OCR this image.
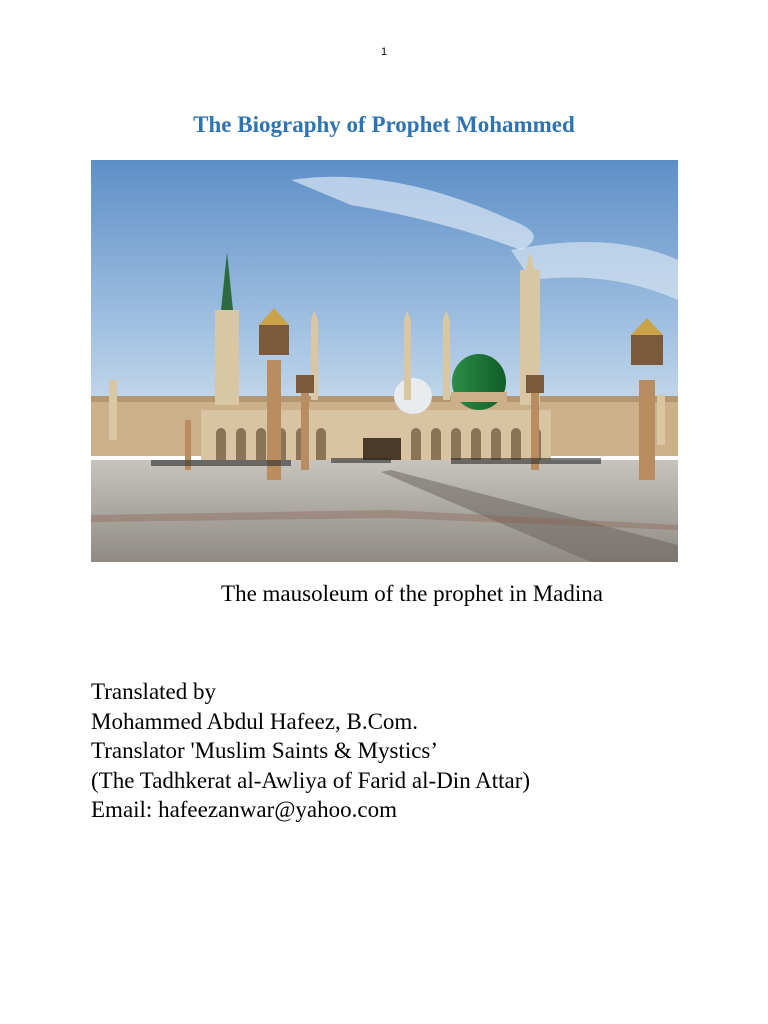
1
The Biography of Prophet Mohammed
The mausoleum of the prophet in Madina
Translated by
Mohammed Abdul Hafeez, B.Com.
Translator 'Muslim Saints & Mystics’
(The Tadhkerat al-Awliya of Farid al-Din Attar)
Email: hafeezanwar@yahoo.com
